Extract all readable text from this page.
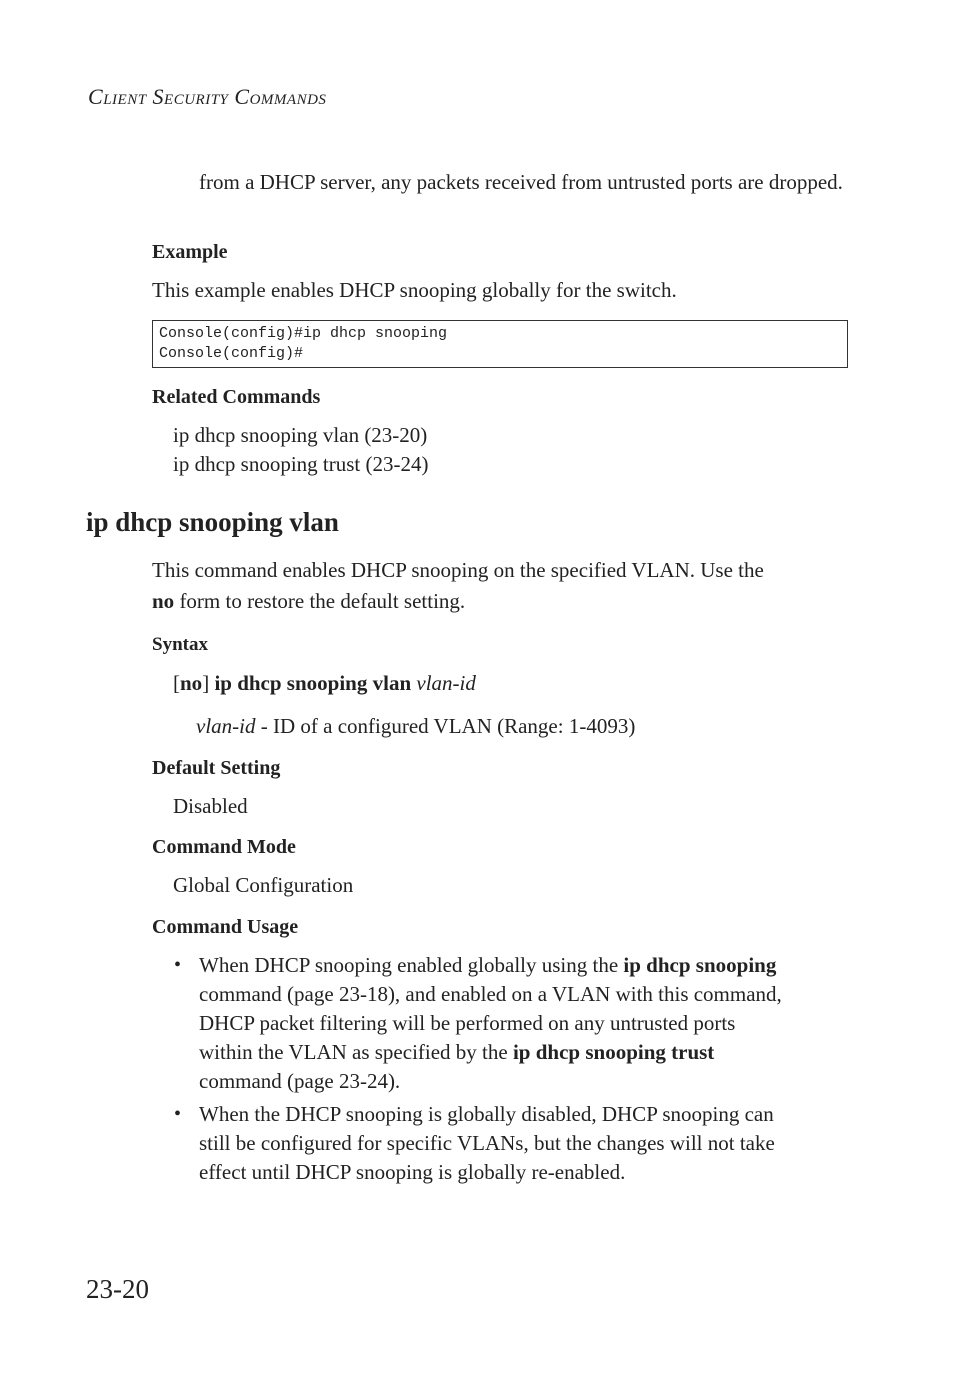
CLIENT SECURITY COMMANDS
from a DHCP server, any packets received from untrusted ports are dropped.
Example
This example enables DHCP snooping globally for the switch.
Console(config)#ip dhcp snooping
Console(config)#
Related Commands
ip dhcp snooping vlan (23-20)
ip dhcp snooping trust (23-24)
ip dhcp snooping vlan
This command enables DHCP snooping on the specified VLAN. Use the
no form to restore the default setting.
Syntax
[no] ip dhcp snooping vlan vlan-id
vlan-id - ID of a configured VLAN (Range: 1-4093)
Default Setting
Disabled
Command Mode
Global Configuration
Command Usage
• When DHCP snooping enabled globally using the ip dhcp snooping
command (page 23-18), and enabled on a VLAN with this command,
DHCP packet filtering will be performed on any untrusted ports
within the VLAN as specified by the ip dhcp snooping trust
command (page 23-24).
• When the DHCP snooping is globally disabled, DHCP snooping can
still be configured for specific VLANs, but the changes will not take
effect until DHCP snooping is globally re-enabled.
23-20
